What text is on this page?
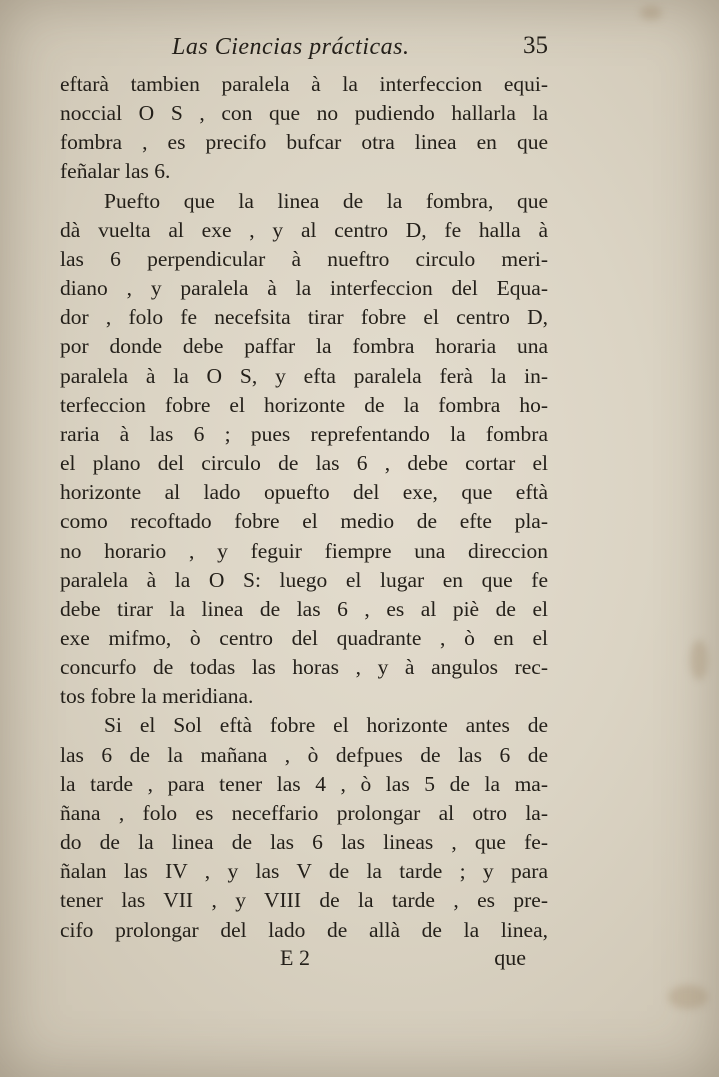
Las Ciencias prácticas.	35
eftarà tambien paralela à la interfeccion equi-
noccial O S , con que no pudiendo hallarla la
fombra , es precifo bufcar otra linea en que
feñalar las 6.
Puefto que la linea de la fombra, que
dà vuelta al exe , y al centro D, fe halla à
las 6 perpendicular à nueftro circulo meri-
diano , y paralela à la interfeccion del Equa-
dor , folo fe necefsita tirar fobre el centro D,
por donde debe paffar la fombra horaria una
paralela à la O S, y efta paralela ferà la in-
terfeccion fobre el horizonte de la fombra ho-
raria à las 6 ; pues reprefentando la fombra
el plano del circulo de las 6 , debe cortar el
horizonte al lado opuefto del exe, que eftà
como recoftado fobre el medio de efte pla-
no horario , y feguir fiempre una direccion
paralela à la O S: luego el lugar en que fe
debe tirar la linea de las 6 , es al piè de el
exe mifmo, ò centro del quadrante , ò en el
concurfo de todas las horas , y à angulos rec-
tos fobre la meridiana.
Si el Sol eftà fobre el horizonte antes de
las 6 de la mañana , ò defpues de las 6 de
la tarde , para tener las 4 , ò las 5 de la ma-
ñana , folo es neceffario prolongar al otro la-
do de la linea de las 6 las lineas , que fe-
ñalan las IV , y las V de la tarde ; y para
tener las VII , y VIII de la tarde , es pre-
cifo prolongar del lado de allà de la linea,
E 2	que
